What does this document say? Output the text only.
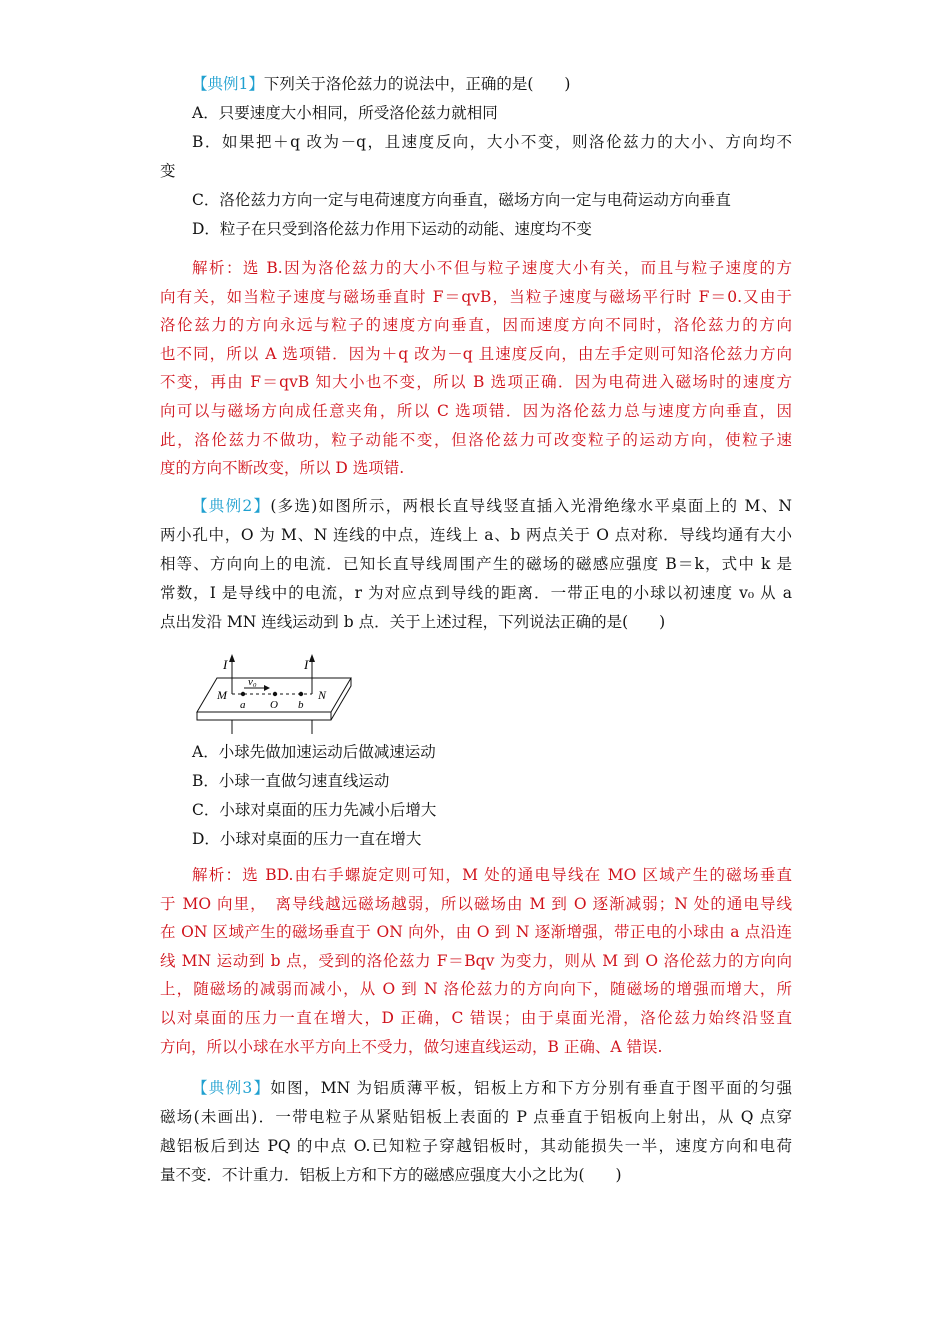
【典例1】下列关于洛伦兹力的说法中，正确的是(　　)
A．只要速度大小相同，所受洛伦兹力就相同
B．如果把＋q 改为－q，且速度反向，大小不变，则洛伦兹力的大小、方向均不
变
C．洛伦兹力方向一定与电荷速度方向垂直，磁场方向一定与电荷运动方向垂直
D．粒子在只受到洛伦兹力作用下运动的动能、速度均不变
解析：选 B.因为洛伦兹力的大小不但与粒子速度大小有关，而且与粒子速度的方
向有关，如当粒子速度与磁场垂直时 F＝qvB，当粒子速度与磁场平行时 F＝0.又由于
洛伦兹力的方向永远与粒子的速度方向垂直，因而速度方向不同时，洛伦兹力的方向
也不同，所以 A 选项错．因为＋q 改为－q 且速度反向，由左手定则可知洛伦兹力方向
不变，再由 F＝qvB 知大小也不变，所以 B 选项正确．因为电荷进入磁场时的速度方
向可以与磁场方向成任意夹角，所以 C 选项错．因为洛伦兹力总与速度方向垂直，因
此，洛伦兹力不做功，粒子动能不变，但洛伦兹力可改变粒子的运动方向，使粒子速
度的方向不断改变，所以 D 选项错.
【典例2】(多选)如图所示，两根长直导线竖直插入光滑绝缘水平桌面上的 M、N
两小孔中，O 为 M、N 连线的中点，连线上 a、b 两点关于 O 点对称．导线均通有大小
相等、方向向上的电流．已知长直导线周围产生的磁场的磁感应强度 B＝k，式中 k 是
常数，I 是导线中的电流，r 为对应点到导线的距离．一带正电的小球以初速度 v₀ 从 a
点出发沿 MN 连线运动到 b 点．关于上述过程，下列说法正确的是(　　)
I	I
M	N
v₀
a O b
A．小球先做加速运动后做减速运动
B．小球一直做匀速直线运动
C．小球对桌面的压力先减小后增大
D．小球对桌面的压力一直在增大
解析：选 BD.由右手螺旋定则可知，M 处的通电导线在 MO 区域产生的磁场垂直
于 MO 向里，　离导线越远磁场越弱，所以磁场由 M 到 O 逐渐减弱；N 处的通电导线
在 ON 区域产生的磁场垂直于 ON 向外，由 O 到 N 逐渐增强，带正电的小球由 a 点沿连
线 MN 运动到 b 点，受到的洛伦兹力 F＝Bqv 为变力，则从 M 到 O 洛伦兹力的方向向
上，随磁场的减弱而减小，从 O 到 N 洛伦兹力的方向向下，随磁场的增强而增大，所
以对桌面的压力一直在增大，D 正确，C 错误；由于桌面光滑，洛伦兹力始终沿竖直
方向，所以小球在水平方向上不受力，做匀速直线运动，B 正确、A 错误.
【典例3】如图，MN 为铝质薄平板，铝板上方和下方分别有垂直于图平面的匀强
磁场(未画出)．一带电粒子从紧贴铝板上表面的 P 点垂直于铝板向上射出，从 Q 点穿
越铝板后到达 PQ 的中点 O.已知粒子穿越铝板时，其动能损失一半，速度方向和电荷
量不变．不计重力．铝板上方和下方的磁感应强度大小之比为(　　)
